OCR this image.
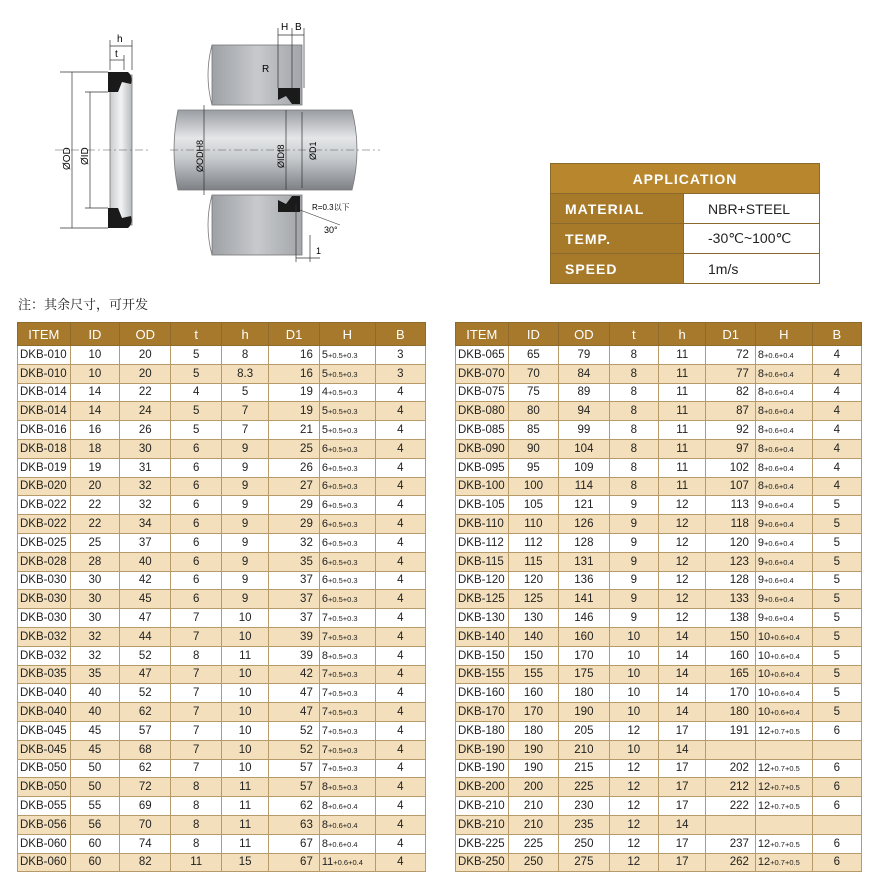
h
t
ØOD ØID
H B
R
ØODH8	ØIDf8 ØD1
R=0.3以下
30°
1
APPLICATION	
MATERIAL	NBR+STEEL
TEMP.	-30℃~100℃
SPEED	1m/s
注：其余尺寸，可开发
ITEM	ID	OD	t	h	D1	H	B
DKB-010	10	20	5	8	16	5+0.5+0.3	3
DKB-010	10	20	5	8.3	16	5+0.5+0.3	3
DKB-014	14	22	4	5	19	4+0.5+0.3	4
DKB-014	14	24	5	7	19	5+0.5+0.3	4
DKB-016	16	26	5	7	21	5+0.5+0.3	4
DKB-018	18	30	6	9	25	6+0.5+0.3	4
DKB-019	19	31	6	9	26	6+0.5+0.3	4
DKB-020	20	32	6	9	27	6+0.5+0.3	4
DKB-022	22	32	6	9	29	6+0.5+0.3	4
DKB-022	22	34	6	9	29	6+0.5+0.3	4
DKB-025	25	37	6	9	32	6+0.5+0.3	4
DKB-028	28	40	6	9	35	6+0.5+0.3	4
DKB-030	30	42	6	9	37	6+0.5+0.3	4
DKB-030	30	45	6	9	37	6+0.5+0.3	4
DKB-030	30	47	7	10	37	7+0.5+0.3	4
DKB-032	32	44	7	10	39	7+0.5+0.3	4
DKB-032	32	52	8	11	39	8+0.5+0.3	4
DKB-035	35	47	7	10	42	7+0.5+0.3	4
DKB-040	40	52	7	10	47	7+0.5+0.3	4
DKB-040	40	62	7	10	47	7+0.5+0.3	4
DKB-045	45	57	7	10	52	7+0.5+0.3	4
DKB-045	45	68	7	10	52	7+0.5+0.3	4
DKB-050	50	62	7	10	57	7+0.5+0.3	4
DKB-050	50	72	8	11	57	8+0.5+0.3	4
DKB-055	55	69	8	11	62	8+0.6+0.4	4
DKB-056	56	70	8	11	63	8+0.6+0.4	4
DKB-060	60	74	8	11	67	8+0.6+0.4	4
DKB-060	60	82	11	15	67	11+0.6+0.4	4
ITEM	ID	OD	t	h	D1	H	B
DKB-065	65	79	8	11	72	8+0.6+0.4	4
DKB-070	70	84	8	11	77	8+0.6+0.4	4
DKB-075	75	89	8	11	82	8+0.6+0.4	4
DKB-080	80	94	8	11	87	8+0.6+0.4	4
DKB-085	85	99	8	11	92	8+0.6+0.4	4
DKB-090	90	104	8	11	97	8+0.6+0.4	4
DKB-095	95	109	8	11	102	8+0.6+0.4	4
DKB-100	100	114	8	11	107	8+0.6+0.4	4
DKB-105	105	121	9	12	113	9+0.6+0.4	5
DKB-110	110	126	9	12	118	9+0.6+0.4	5
DKB-112	112	128	9	12	120	9+0.6+0.4	5
DKB-115	115	131	9	12	123	9+0.6+0.4	5
DKB-120	120	136	9	12	128	9+0.6+0.4	5
DKB-125	125	141	9	12	133	9+0.6+0.4	5
DKB-130	130	146	9	12	138	9+0.6+0.4	5
DKB-140	140	160	10	14	150	10+0.6+0.4	5
DKB-150	150	170	10	14	160	10+0.6+0.4	5
DKB-155	155	175	10	14	165	10+0.6+0.4	5
DKB-160	160	180	10	14	170	10+0.6+0.4	5
DKB-170	170	190	10	14	180	10+0.6+0.4	5
DKB-180	180	205	12	17	191	12+0.7+0.5	6
DKB-190	190	210	10	14			
DKB-190	190	215	12	17	202	12+0.7+0.5	6
DKB-200	200	225	12	17	212	12+0.7+0.5	6
DKB-210	210	230	12	17	222	12+0.7+0.5	6
DKB-210	210	235	12	14			
DKB-225	225	250	12	17	237	12+0.7+0.5	6
DKB-250	250	275	12	17	262	12+0.7+0.5	6
